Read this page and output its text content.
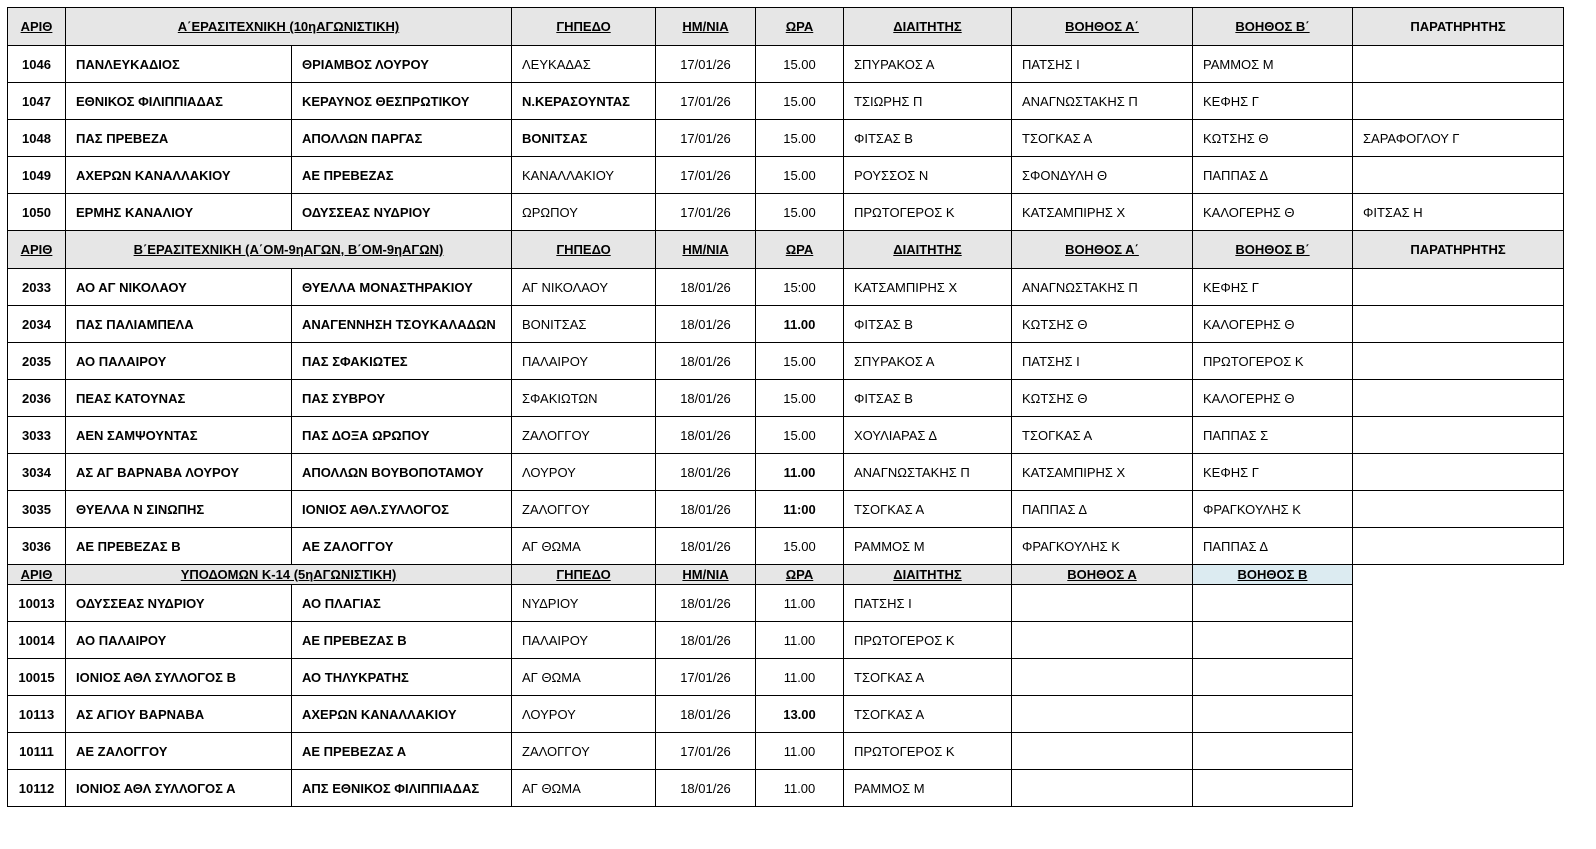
ΑΡΙΘ	Α΄ΕΡΑΣΙΤΕΧΝΙΚΗ (10ηΑΓΩΝΙΣΤΙΚΗ)		ΓΗΠΕΔΟ	ΗΜ/ΝΙΑ	ΩΡΑ	ΔΙΑΙΤΗΤΗΣ	ΒΟΗΘΟΣ Α΄	ΒΟΗΘΟΣ Β΄	ΠΑΡΑΤΗΡΗΤΗΣ
1046	ΠΑΝΛΕΥΚΑΔΙΟΣ	ΘΡΙΑΜΒΟΣ ΛΟΥΡΟΥ	ΛΕΥΚΑΔΑΣ	17/01/26	15.00	ΣΠΥΡΑΚΟΣ Α	ΠΑΤΣΗΣ Ι	ΡΑΜΜΟΣ Μ	
1047	ΕΘΝΙΚΟΣ ΦΙΛΙΠΠΙΑΔΑΣ	ΚΕΡΑΥΝΟΣ ΘΕΣΠΡΩΤΙΚΟΥ	Ν.ΚΕΡΑΣΟΥΝΤΑΣ	17/01/26	15.00	ΤΣΙΩΡΗΣ Π	ΑΝΑΓΝΩΣΤΑΚΗΣ Π	ΚΕΦΗΣ Γ	
1048	ΠΑΣ ΠΡΕΒΕΖΑ	ΑΠΟΛΛΩΝ ΠΑΡΓΑΣ	ΒΟΝΙΤΣΑΣ	17/01/26	15.00	ΦΙΤΣΑΣ Β	ΤΣΟΓΚΑΣ Α	ΚΩΤΣΗΣ Θ	ΣΑΡΑΦΟΓΛΟΥ Γ
1049	ΑΧΕΡΩΝ ΚΑΝΑΛΛΑΚΙΟΥ	ΑΕ ΠΡΕΒΕΖΑΣ	ΚΑΝΑΛΛΑΚΙΟΥ	17/01/26	15.00	ΡΟΥΣΣΟΣ Ν	ΣΦΟΝΔΥΛΗ Θ	ΠΑΠΠΑΣ Δ	
1050	ΕΡΜΗΣ ΚΑΝΑΛΙΟΥ	ΟΔΥΣΣΕΑΣ ΝΥΔΡΙΟΥ	ΩΡΩΠΟΥ	17/01/26	15.00	ΠΡΩΤΟΓΕΡΟΣ Κ	ΚΑΤΣΑΜΠΙΡΗΣ Χ	ΚΑΛΟΓΕΡΗΣ Θ	ΦΙΤΣΑΣ Η
ΑΡΙΘ	Β΄ΕΡΑΣΙΤΕΧΝΙΚΗ (Α΄ΟΜ-9ηΑΓΩΝ, Β΄ΟΜ-9ηΑΓΩΝ)		ΓΗΠΕΔΟ	ΗΜ/ΝΙΑ	ΩΡΑ	ΔΙΑΙΤΗΤΗΣ	ΒΟΗΘΟΣ Α΄	ΒΟΗΘΟΣ Β΄	ΠΑΡΑΤΗΡΗΤΗΣ
2033	ΑΟ ΑΓ ΝΙΚΟΛΑΟΥ	ΘΥΕΛΛΑ ΜΟΝΑΣΤΗΡΑΚΙΟΥ	ΑΓ ΝΙΚΟΛΑΟΥ	18/01/26	15:00	ΚΑΤΣΑΜΠΙΡΗΣ Χ	ΑΝΑΓΝΩΣΤΑΚΗΣ Π	ΚΕΦΗΣ Γ	
2034	ΠΑΣ ΠΑΛΙΑΜΠΕΛΑ	ΑΝΑΓΕΝΝΗΣΗ ΤΣΟΥΚΑΛΑΔΩΝ	ΒΟΝΙΤΣΑΣ	18/01/26	11.00	ΦΙΤΣΑΣ Β	ΚΩΤΣΗΣ Θ	ΚΑΛΟΓΕΡΗΣ Θ	
2035	ΑΟ ΠΑΛΑΙΡΟΥ	ΠΑΣ ΣΦΑΚΙΩΤΕΣ	ΠΑΛΑΙΡΟΥ	18/01/26	15.00	ΣΠΥΡΑΚΟΣ Α	ΠΑΤΣΗΣ Ι	ΠΡΩΤΟΓΕΡΟΣ Κ	
2036	ΠΕΑΣ ΚΑΤΟΥΝΑΣ	ΠΑΣ ΣΥΒΡΟΥ	ΣΦΑΚΙΩΤΩΝ	18/01/26	15.00	ΦΙΤΣΑΣ Β	ΚΩΤΣΗΣ Θ	ΚΑΛΟΓΕΡΗΣ Θ	
3033	ΑΕΝ ΣΑΜΨΟΥΝΤΑΣ	ΠΑΣ ΔΟΞΑ ΩΡΩΠΟΥ	ΖΑΛΟΓΓΟΥ	18/01/26	15.00	ΧΟΥΛΙΑΡΑΣ Δ	ΤΣΟΓΚΑΣ Α	ΠΑΠΠΑΣ Σ	
3034	ΑΣ ΑΓ ΒΑΡΝΑΒΑ ΛΟΥΡΟΥ	ΑΠΟΛΛΩΝ ΒΟΥΒΟΠΟΤΑΜΟΥ	ΛΟΥΡΟΥ	18/01/26	11.00	ΑΝΑΓΝΩΣΤΑΚΗΣ Π	ΚΑΤΣΑΜΠΙΡΗΣ Χ	ΚΕΦΗΣ Γ	
3035	ΘΥΕΛΛΑ Ν ΣΙΝΩΠΗΣ	ΙΟΝΙΟΣ ΑΘΛ.ΣΥΛΛΟΓΟΣ	ΖΑΛΟΓΓΟΥ	18/01/26	11:00	ΤΣΟΓΚΑΣ Α	ΠΑΠΠΑΣ Δ	ΦΡΑΓΚΟΥΛΗΣ Κ	
3036	ΑΕ ΠΡΕΒΕΖΑΣ Β	ΑΕ ΖΑΛΟΓΓΟΥ	ΑΓ ΘΩΜΑ	18/01/26	15.00	ΡΑΜΜΟΣ Μ	ΦΡΑΓΚΟΥΛΗΣ Κ	ΠΑΠΠΑΣ Δ	
ΑΡΙΘ	ΥΠΟΔΟΜΩΝ Κ-14 (5ηΑΓΩΝΙΣΤΙΚΗ)		ΓΗΠΕΔΟ	ΗΜ/ΝΙΑ	ΩΡΑ	ΔΙΑΙΤΗΤΗΣ	ΒΟΗΘΟΣ Α	ΒΟΗΘΟΣ Β	
10013	ΟΔΥΣΣΕΑΣ ΝΥΔΡΙΟΥ	ΑΟ ΠΛΑΓΙΑΣ	ΝΥΔΡΙΟΥ	18/01/26	11.00	ΠΑΤΣΗΣ Ι			
10014	ΑΟ ΠΑΛΑΙΡΟΥ	ΑΕ ΠΡΕΒΕΖΑΣ Β	ΠΑΛΑΙΡΟΥ	18/01/26	11.00	ΠΡΩΤΟΓΕΡΟΣ Κ			
10015	ΙΟΝΙΟΣ ΑΘΛ ΣΥΛΛΟΓΟΣ Β	ΑΟ ΤΗΛΥΚΡΑΤΗΣ	ΑΓ ΘΩΜΑ	17/01/26	11.00	ΤΣΟΓΚΑΣ Α			
10113	ΑΣ ΑΓΙΟΥ ΒΑΡΝΑΒΑ	ΑΧΕΡΩΝ ΚΑΝΑΛΛΑΚΙΟΥ	ΛΟΥΡΟΥ	18/01/26	13.00	ΤΣΟΓΚΑΣ Α			
10111	ΑΕ ΖΑΛΟΓΓΟΥ	ΑΕ ΠΡΕΒΕΖΑΣ Α	ΖΑΛΟΓΓΟΥ	17/01/26	11.00	ΠΡΩΤΟΓΕΡΟΣ Κ			
10112	ΙΟΝΙΟΣ ΑΘΛ ΣΥΛΛΟΓΟΣ Α	ΑΠΣ ΕΘΝΙΚΟΣ ΦΙΛΙΠΠΙΑΔΑΣ	ΑΓ ΘΩΜΑ	18/01/26	11.00	ΡΑΜΜΟΣ Μ			
